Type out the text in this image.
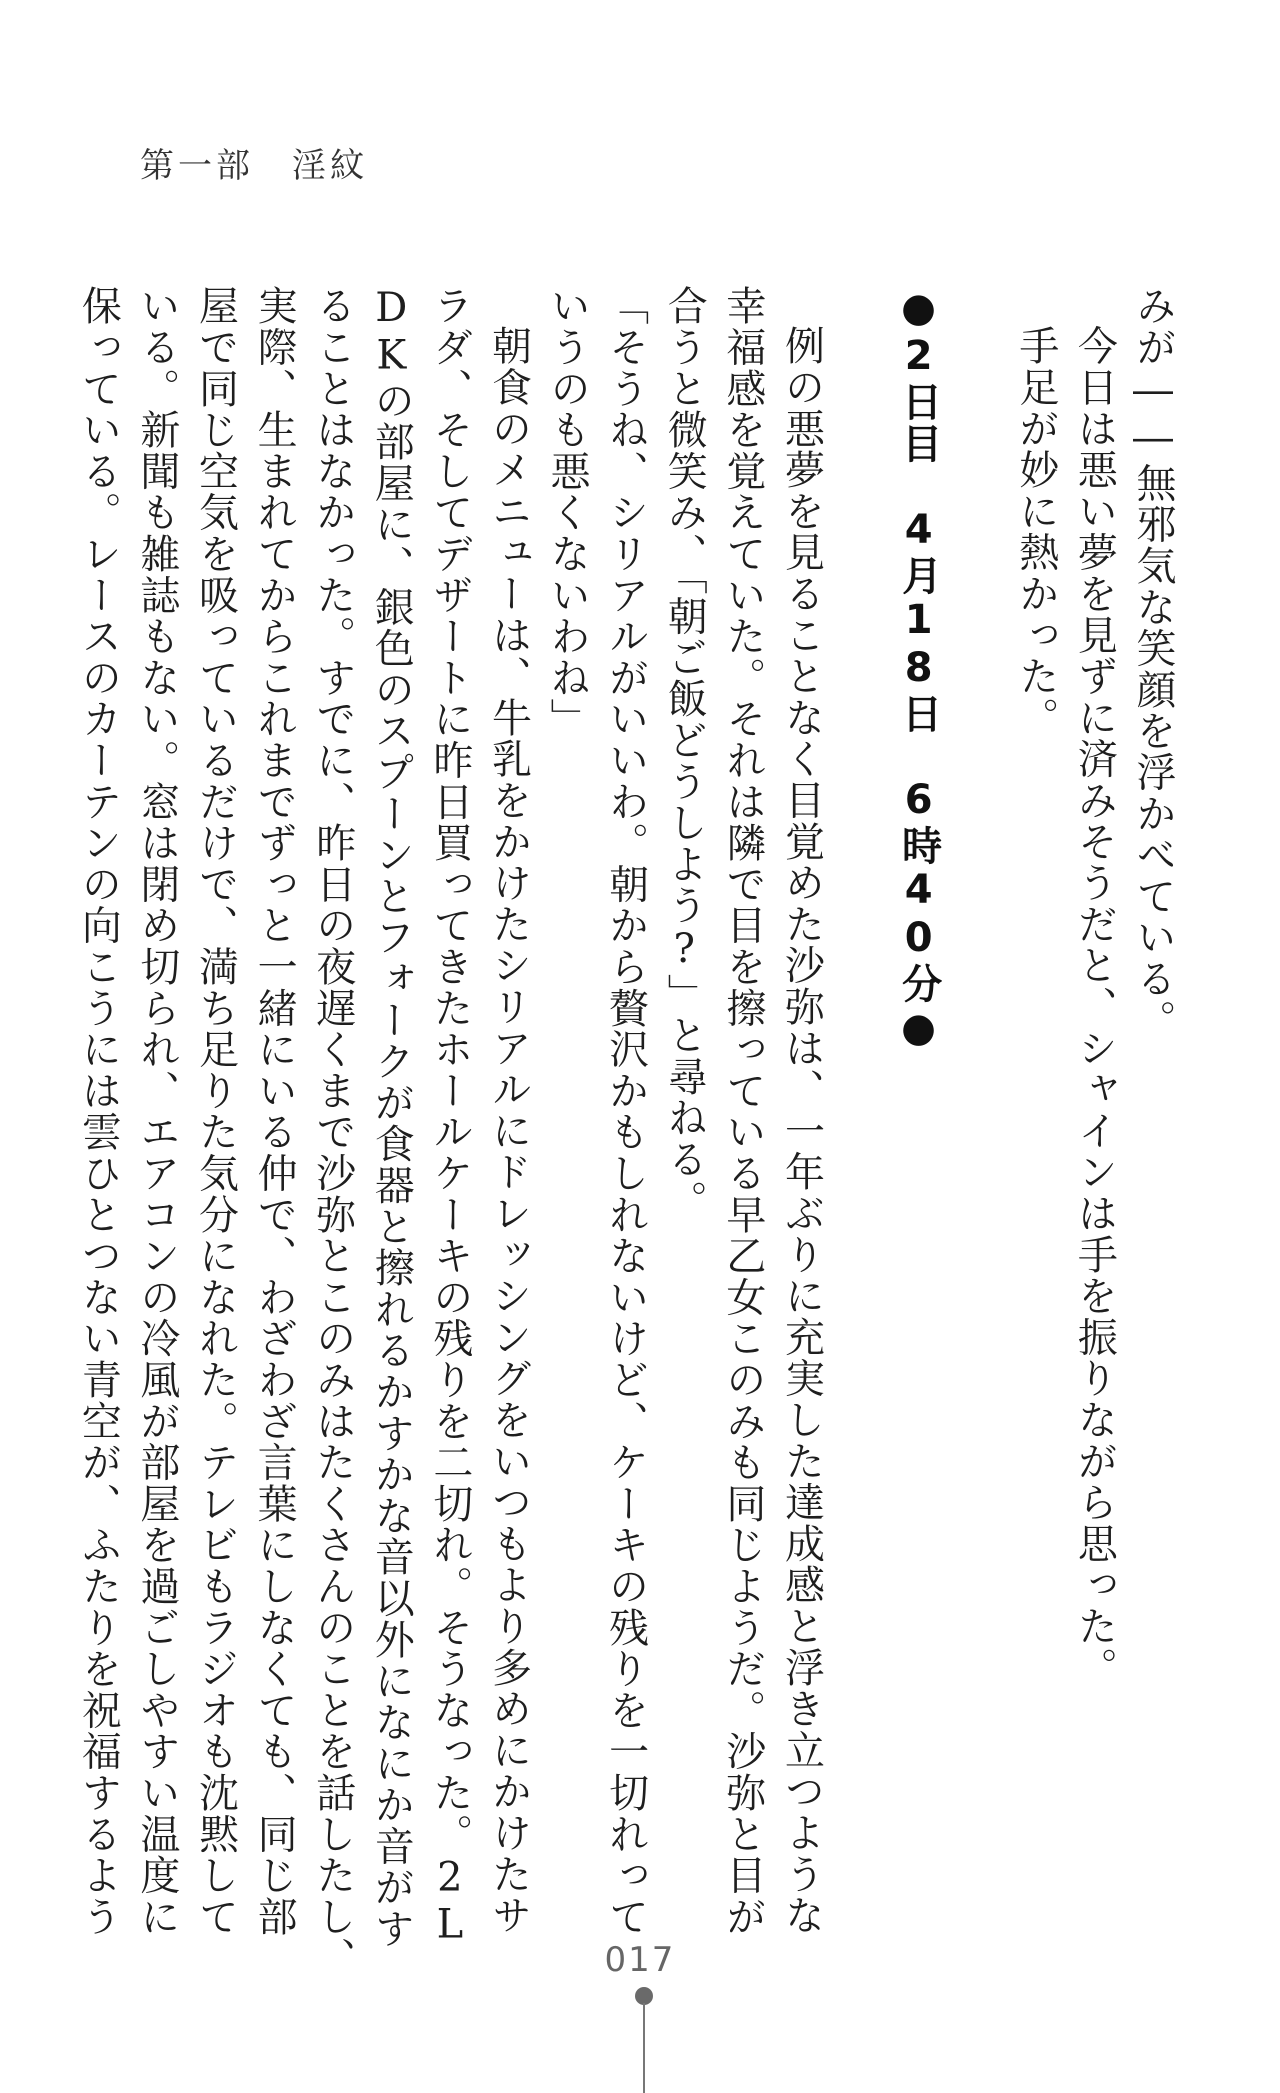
第一部　淫紋

みが――無邪気な笑顔を浮かべている。

今日は悪い夢を見ずに済みそうだと、シャインは手を振りながら思った。

手足が妙に熱かった。

●2日目　4月18日　6時40分●

例の悪夢を見ることなく目覚めた沙弥は、一年ぶりに充実した達成感と浮き立つような

幸福感を覚えていた。それは隣で目を擦っている早乙女このみも同じようだ。沙弥と目が

合うと微笑み、「朝ご飯どうしよう?」と尋ねる。

「そうね、シリアルがいいわ。朝から贅沢かもしれないけど、ケーキの残りを一切れって

いうのも悪くないわね」

朝食のメニューは、牛乳をかけたシリアルにドレッシングをいつもより多めにかけたサ

ラダ、そしてデザートに昨日買ってきたホールケーキの残りを二切れ。そうなった。2L

DKの部屋に、銀色のスプーンとフォークが食器と擦れるかすかな音以外になにか音がす

ることはなかった。すでに、昨日の夜遅くまで沙弥とこのみはたくさんのことを話したし、

実際、生まれてからこれまでずっと一緒にいる仲で、わざわざ言葉にしなくても、同じ部

屋で同じ空気を吸っているだけで、満ち足りた気分になれた。テレビもラジオも沈黙して

いる。新聞も雑誌もない。窓は閉め切られ、エアコンの冷風が部屋を過ごしやすい温度に

保っている。レースのカーテンの向こうには雲ひとつない青空が、ふたりを祝福するよう

017
